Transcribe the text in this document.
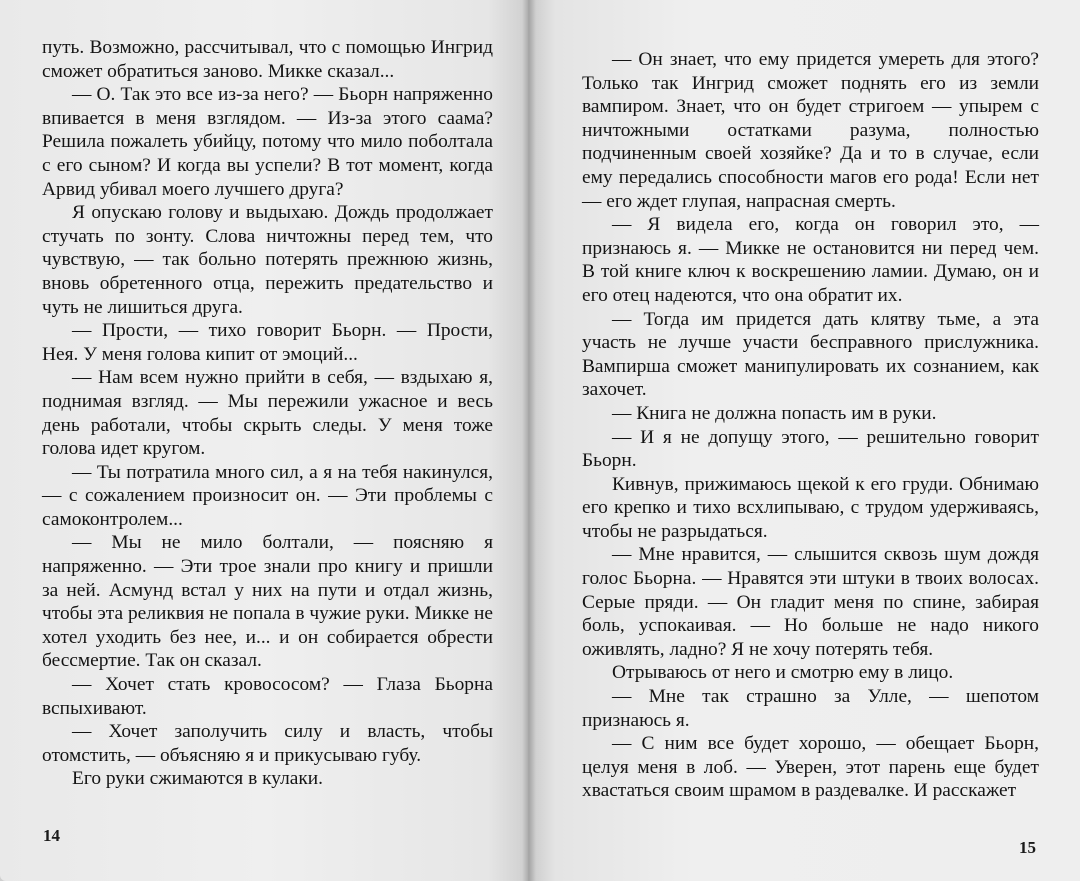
путь. Возможно, рассчитывал, что с помощью Ингрид сможет обратиться заново. Микке сказал...

— О. Так это все из-за него? — Бьорн напряженно впивается в меня взглядом. — Из-за этого саама? Решила пожалеть убийцу, потому что мило поболтала с его сыном? И когда вы успели? В тот момент, когда Арвид убивал моего лучшего друга?

Я опускаю голову и выдыхаю. Дождь продолжает стучать по зонту. Слова ничтожны перед тем, что чувствую, — так больно потерять прежнюю жизнь, вновь обретенного отца, пережить предательство и чуть не лишиться друга.

— Прости, — тихо говорит Бьорн. — Прости, Нея. У меня голова кипит от эмоций...

— Нам всем нужно прийти в себя, — вздыхаю я, поднимая взгляд. — Мы пережили ужасное и весь день работали, чтобы скрыть следы. У меня тоже голова идет кругом.

— Ты потратила много сил, а я на тебя накинулся, — с сожалением произносит он. — Эти проблемы с самоконтролем...

— Мы не мило болтали, — поясняю я напряженно. — Эти трое знали про книгу и пришли за ней. Асмунд встал у них на пути и отдал жизнь, чтобы эта реликвия не попала в чужие руки. Микке не хотел уходить без нее, и... и он собирается обрести бессмертие. Так он сказал.

— Хочет стать кровососом? — Глаза Бьорна вспыхивают.

— Хочет заполучить силу и власть, чтобы отомстить, — объясняю я и прикусываю губу.

Его руки сжимаются в кулаки.

— Он знает, что ему придется умереть для этого? Только так Ингрид сможет поднять его из земли вампиром. Знает, что он будет стригоем — упырем с ничтожными остатками разума, полностью подчиненным своей хозяйке? Да и то в случае, если ему передались способности магов его рода! Если нет — его ждет глупая, напрасная смерть.

— Я видела его, когда он говорил это, — признаюсь я. — Микке не остановится ни перед чем. В той книге ключ к воскрешению ламии. Думаю, он и его отец надеются, что она обратит их.

— Тогда им придется дать клятву тьме, а эта участь не лучше участи бесправного прислужника. Вампирша сможет манипулировать их сознанием, как захочет.

— Книга не должна попасть им в руки.

— И я не допущу этого, — решительно говорит Бьорн.

Кивнув, прижимаюсь щекой к его груди. Обнимаю его крепко и тихо всхлипываю, с трудом удерживаясь, чтобы не разрыдаться.

— Мне нравится, — слышится сквозь шум дождя голос Бьорна. — Нравятся эти штуки в твоих волосах. Серые пряди. — Он гладит меня по спине, забирая боль, успокаивая. — Но больше не надо никого оживлять, ладно? Я не хочу потерять тебя.

Отрываюсь от него и смотрю ему в лицо.

— Мне так страшно за Улле, — шепотом признаюсь я.

— С ним все будет хорошо, — обещает Бьорн, целуя меня в лоб. — Уверен, этот парень еще будет хвастаться своим шрамом в раздевалке. И расскажет

14
15
